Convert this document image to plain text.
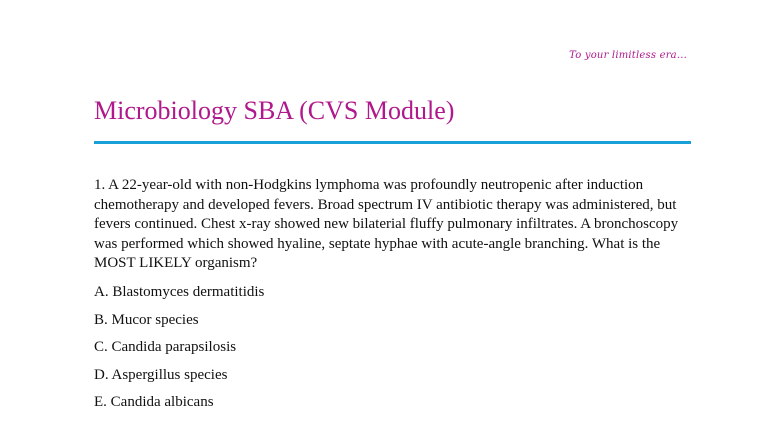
To your limitless era...
Microbiology SBA (CVS Module)

1. A 22-year-old with non-Hodgkins lymphoma was profoundly neutropenic after induction chemotherapy and developed fevers. Broad spectrum IV antibiotic therapy was administered, but fevers continued. Chest x-ray showed new bilaterial fluffy pulmonary infiltrates. A bronchoscopy was performed which showed hyaline, septate hyphae with acute-angle branching. What is the MOST LIKELY organism?

A. Blastomyces dermatitidis
B. Mucor species
C. Candida parapsilosis
D. Aspergillus species
E. Candida albicans
